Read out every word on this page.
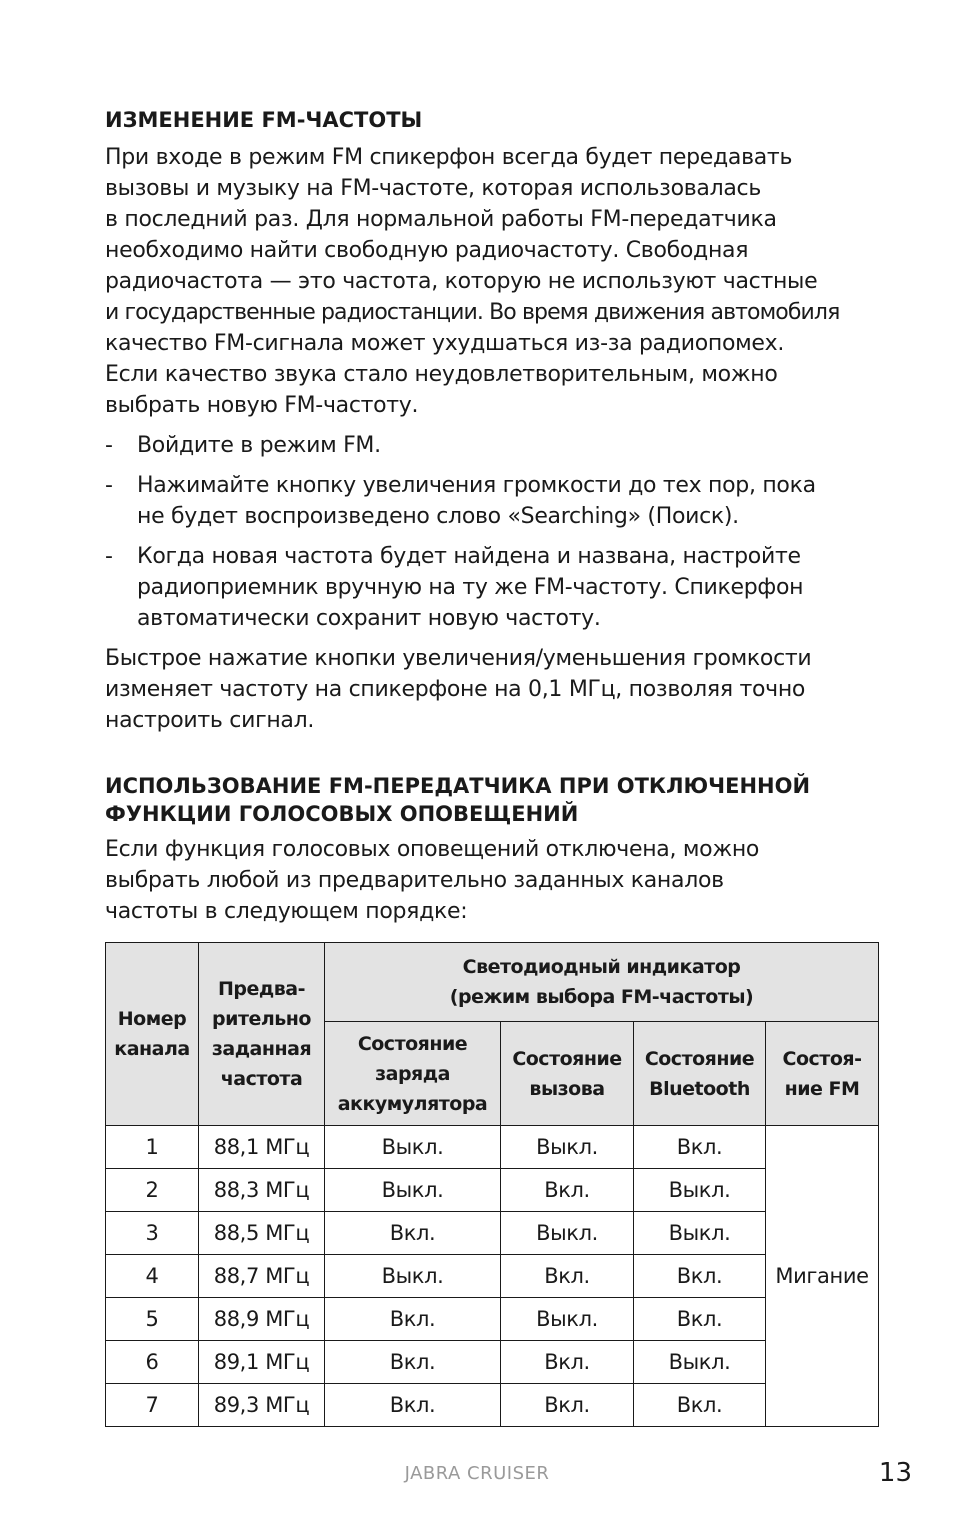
ИЗМЕНЕНИЕ FM-ЧАСТОТЫ

При входе в режим FM спикерфон всегда будет передавать
вызовы и музыку на FM-частоте, которая использовалась
в последний раз. Для нормальной работы FM-передатчика
необходимо найти свободную радиочастоту. Свободная
радиочастота — это частота, которую не используют частные
и государственные радиостанции. Во время движения автомобиля
качество FM-сигнала может ухудшаться из-за радиопомех.
Если качество звука стало неудовлетворительным, можно
выбрать новую FM-частоту.

- Войдите в режим FM.
- Нажимайте кнопку увеличения громкости до тех пор, пока
не будет воспроизведено слово «Searching» (Поиск).
- Когда новая частота будет найдена и названа, настройте
радиоприемник вручную на ту же FM-частоту. Спикерфон
автоматически сохранит новую частоту.

Быстрое нажатие кнопки увеличения/уменьшения громкости
изменяет частоту на спикерфоне на 0,1 МГц, позволяя точно
настроить сигнал.

ИСПОЛЬЗОВАНИЕ FM-ПЕРЕДАТЧИКА ПРИ ОТКЛЮЧЕННОЙ
ФУНКЦИИ ГОЛОСОВЫХ ОПОВЕЩЕНИЙ

Если функция голосовых оповещений отключена, можно
выбрать любой из предварительно заданных каналов
частоты в следующем порядке:

Номер
канала	Предва-
рительно
заданная
частота	Светодиодный индикатор
(режим выбора FM-частоты)			
		Состояние
заряда
аккумулятора	Состояние
вызова	Состояние
Bluetooth	Состоя-
ние FM
1	88,1 МГц	Выкл.	Выкл.	Вкл.	Мигание
2	88,3 МГц	Выкл.	Вкл.	Выкл.	
3	88,5 МГц	Вкл.	Выкл.	Выкл.	
4	88,7 МГц	Выкл.	Вкл.	Вкл.	
5	88,9 МГц	Вкл.	Выкл.	Вкл.	
6	89,1 МГц	Вкл.	Вкл.	Выкл.	
7	89,3 МГц	Вкл.	Вкл.	Вкл.	
JABRA CRUISER	13
